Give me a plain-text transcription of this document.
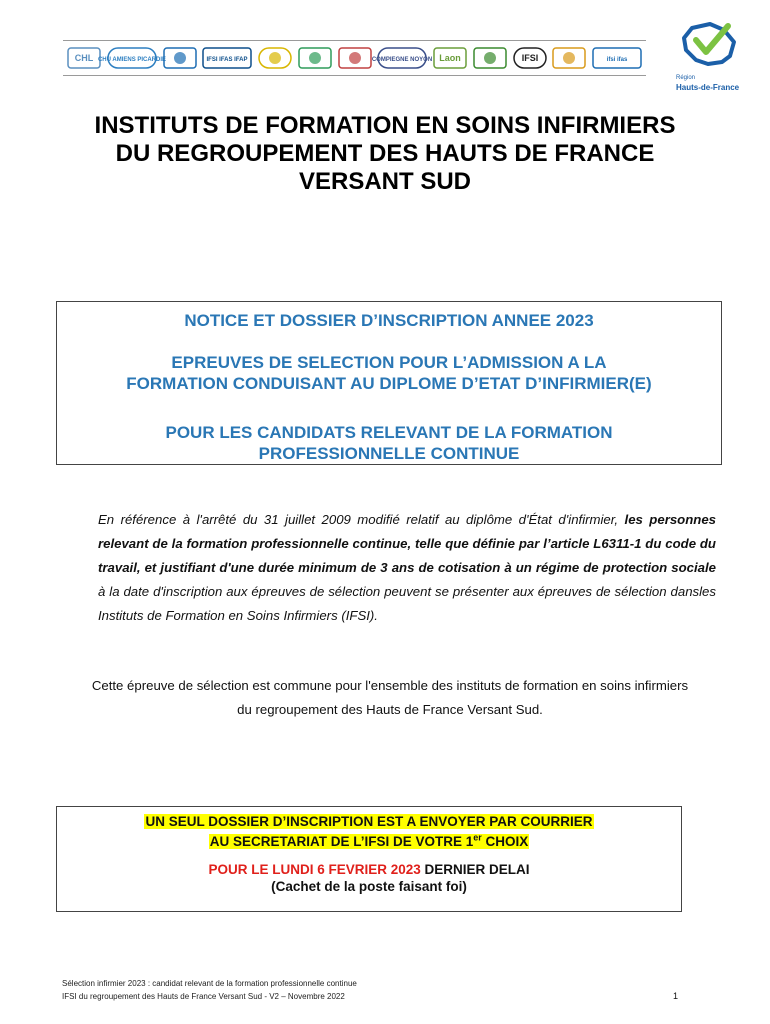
CHL CHU AMIENS PICARDIE	IFSI IFAS IFAP	COMPIEGNE NOYON Laon	IFSI	ifsi ifas
Région
Hauts-de-France
INSTITUTS DE FORMATION EN SOINS INFIRMIERS
DU REGROUPEMENT DES HAUTS DE FRANCE
VERSANT SUD
NOTICE ET DOSSIER D’INSCRIPTION ANNEE 2023
EPREUVES DE SELECTION POUR L’ADMISSION A LA
FORMATION CONDUISANT AU DIPLOME D’ETAT D’INFIRMIER(E)
POUR LES CANDIDATS RELEVANT DE LA FORMATION
PROFESSIONNELLE CONTINUE
En référence à l'arrêté du 31 juillet 2009 modifié relatif au diplôme d'État d'infirmier, les personnes relevant de la formation professionnelle continue, telle que définie par l’article L6311-1 du code du travail, et justifiant d'une durée minimum de 3 ans de cotisation à un régime de protection sociale à la date d'inscription aux épreuves de sélection peuvent se présenter aux épreuves de sélection dansles Instituts de Formation en Soins Infirmiers (IFSI).
Cette épreuve de sélection est commune pour l'ensemble des instituts de formation en soins infirmiers
du regroupement des Hauts de France Versant Sud.
UN SEUL DOSSIER D’INSCRIPTION EST A ENVOYER PAR COURRIER
AU SECRETARIAT DE L’IFSI DE VOTRE 1er CHOIX
POUR LE LUNDI 6 FEVRIER 2023 DERNIER DELAI
(Cachet de la poste faisant foi)
Sélection infirmier 2023 : candidat relevant de la formation professionnelle continue
IFSI du regroupement des Hauts de France Versant Sud - V2 – Novembre 2022	1
